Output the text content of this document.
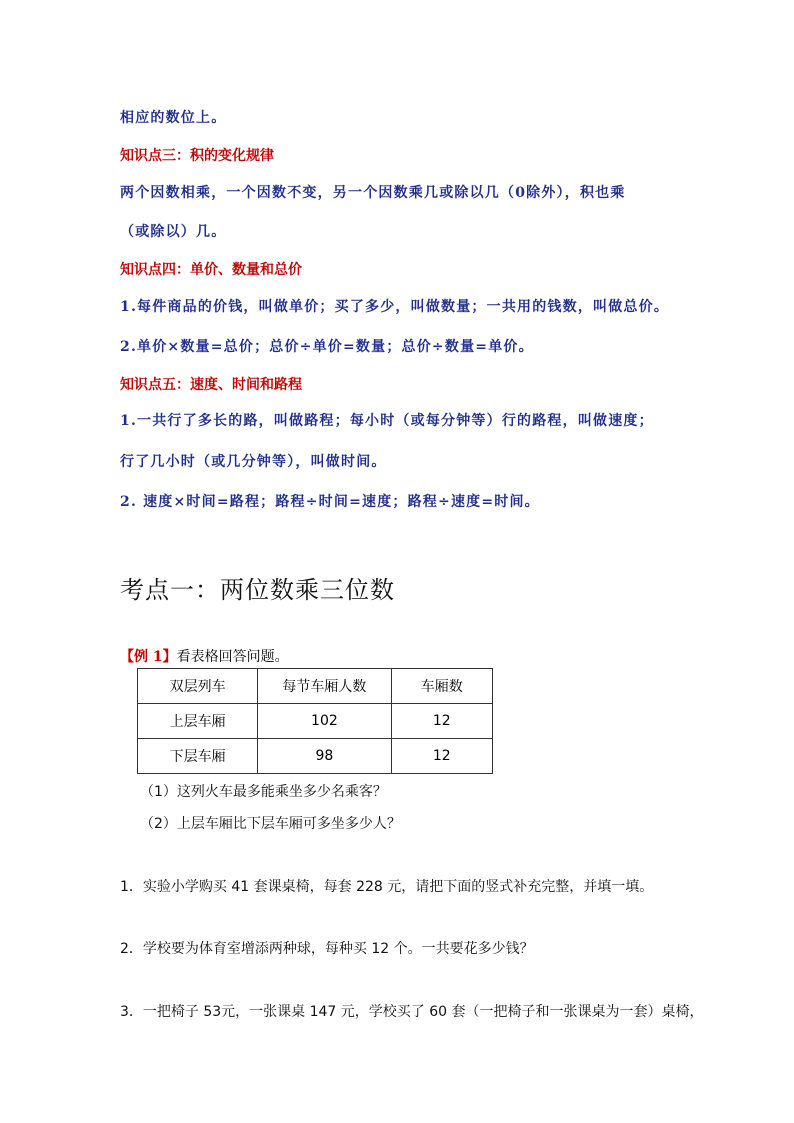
相应的数位上。
知识点三：积的变化规律
两个因数相乘，一个因数不变，另一个因数乘几或除以几（0除外），积也乘
（或除以）几。
知识点四：单价、数量和总价
1.每件商品的价钱，叫做单价；买了多少，叫做数量；一共用的钱数，叫做总价。
2.单价×数量=总价；总价÷单价=数量；总价÷数量=单价。
知识点五：速度、时间和路程
1.一共行了多长的路，叫做路程；每小时（或每分钟等）行的路程，叫做速度；
行了几小时（或几分钟等），叫做时间。
2. 速度×时间=路程；路程÷时间=速度；路程÷速度=时间。
考点一：两位数乘三位数
【例 1】看表格回答问题。
双层列车	每节车厢人数	车厢数
上层车厢	102	12
下层车厢	98	12
（1）这列火车最多能乘坐多少名乘客？
（2）上层车厢比下层车厢可多坐多少人？
1．实验小学购买 41 套课桌椅，每套 228 元，请把下面的竖式补充完整，并填一填。
2．学校要为体育室增添两种球，每种买 12 个。一共要花多少钱？
3．一把椅子 53元，一张课桌 147 元，学校买了 60 套（一把椅子和一张课桌为一套）桌椅，
